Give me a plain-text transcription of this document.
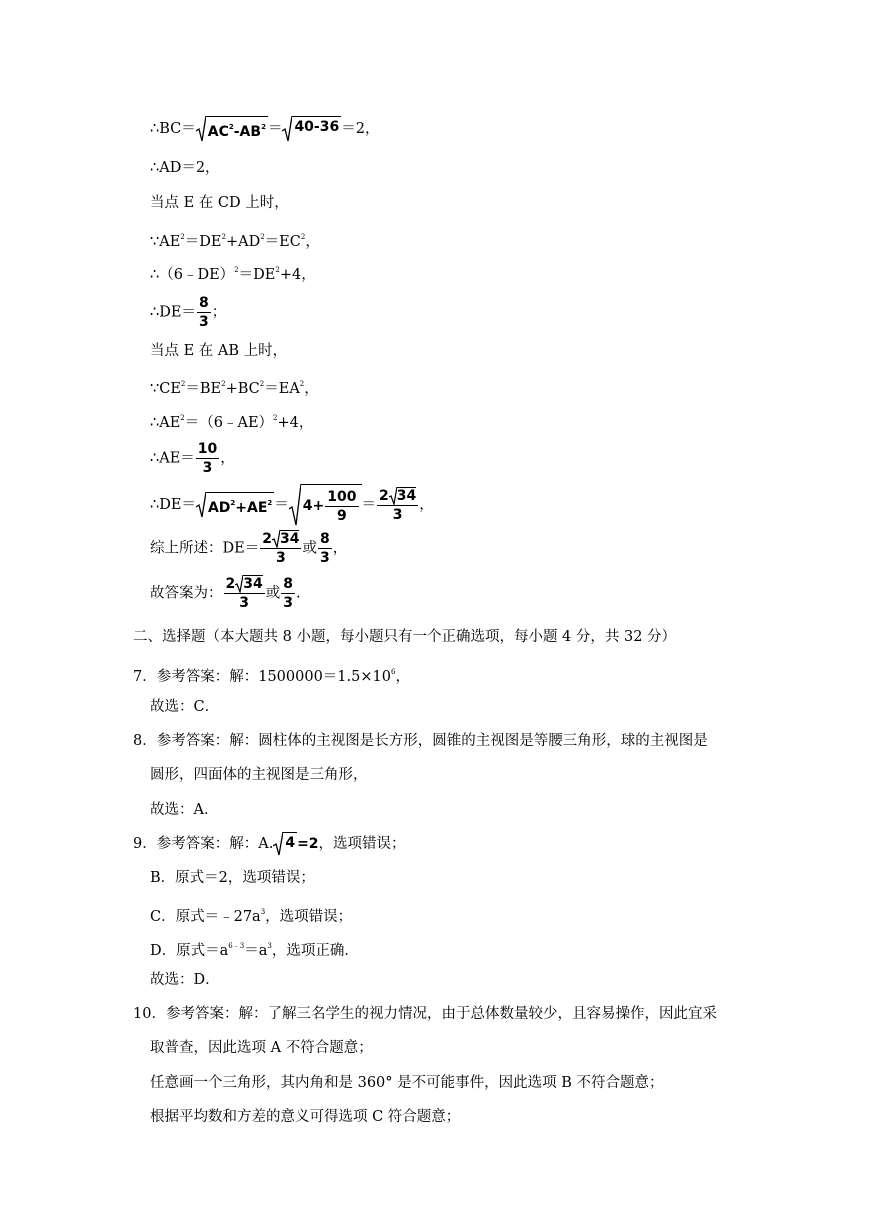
∴BC＝ $AC^2-AB^2 = 40-36 =2$，
∴AD＝2，
当点 E 在 CD 上时，
$\because AE^2=DE^2+AD^2=EC^2$，
$\therefore(6﹣DE)^2=DE^2+4$，
∴DE＝ $\frac{8}{3}$ ；
当点 E 在 AB 上时，
$\because CE^2=BE^2+BC^2=EA^2$，
$\therefore AE^2=(6﹣AE)^2+4$，
∴AE＝ $\frac{10}{3}$ ，
∴DE＝ $AD^2+AE^2 = 4+ \frac{100}{9} = \frac{2 34}{3}$ ，
综上所述：$DE= \frac{2 34}{3}$ 或 $\frac{8}{3}$ ，
故答案为： $\frac{2 34}{3}$ 或 $\frac{8}{3}$ .
二、选择题（本大题共 8 小题，每小题只有一个正确选项，每小题 4 分，共 32 分）
7．参考答案：解：$1500000=1.5\times 10^6$，
故选：C．
8．参考答案：解：圆柱体的主视图是长方形，圆锥的主视图是等腰三角形，球的主视图是
圆形，四面体的主视图是三角形，
故选：A．
9．参考答案：解：A. 4 =2，选项错误；
B．原式＝2，选项错误；
C．原式$=﹣27a^3$，选项错误；
D．原式$=a^{6﹣3}=a^3$，选项正确．
故选：D．
10．参考答案：解：了解三名学生的视力情况，由于总体数量较少，且容易操作，因此宜采
取普查，因此选项 A 不符合题意；
任意画一个三角形，其内角和是 360° 是不可能事件，因此选项 B 不符合题意；
根据平均数和方差的意义可得选项 C 符合题意；
